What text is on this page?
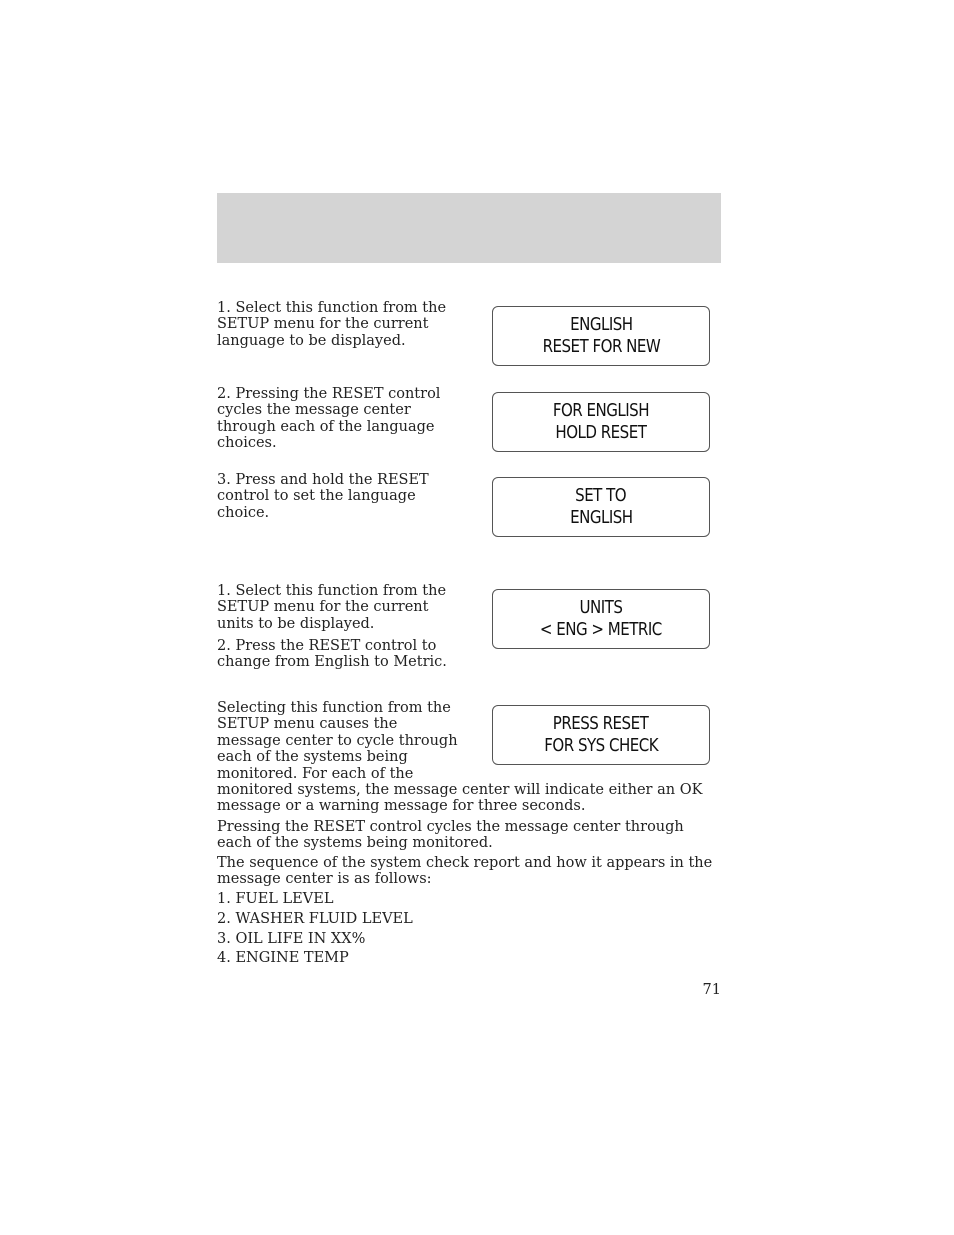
1. Select this function from the SETUP menu for the current language to be displayed.

ENGLISH
RESET FOR NEW

2. Pressing the RESET control cycles the message center through each of the language choices.

FOR ENGLISH
HOLD RESET

3. Press and hold the RESET control to set the language choice.

SET TO
ENGLISH

1. Select this function from the SETUP menu for the current units to be displayed.

2. Press the RESET control to change from English to Metric.

UNITS
< ENG > METRIC
PRESS RESET
FOR SYS CHECK
Selecting this function from the SETUP menu causes the message center to cycle through each of the systems being monitored. For each of the monitored systems, the message center will indicate either an OK message or a warning message for three seconds.

Pressing the RESET control cycles the message center through each of the systems being monitored.

The sequence of the system check report and how it appears in the message center is as follows:

1. FUEL LEVEL

2. WASHER FLUID LEVEL

3. OIL LIFE IN XX%

4. ENGINE TEMP

71
